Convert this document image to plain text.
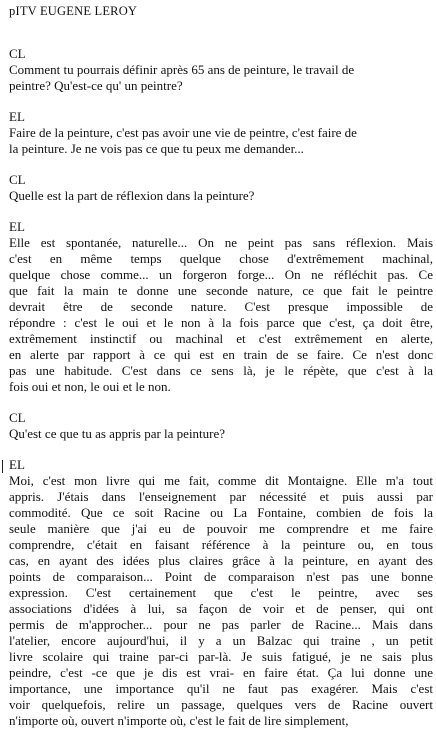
pITV EUGENE LEROY
CL
Comment tu pourrais définir après 65 ans de peinture, le travail de
peintre? Qu'est-ce qu' un peintre?
EL
Faire de la peinture, c'est pas avoir une vie de peintre, c'est faire de
la peinture. Je ne vois pas ce que tu peux me demander...
CL
Quelle est la part de réflexion dans la peinture?
EL
Elle est spontanée, naturelle... On ne peint pas sans réflexion. Mais
c'est en même temps quelque chose d'extrêmement machinal,
quelque chose comme... un forgeron forge... On ne réfléchit pas. Ce
que fait la main te donne une seconde nature, ce que fait le peintre
devrait être de seconde nature. C'est presque impossible de
répondre : c'est le oui et le non à la fois parce que c'est, ça doit être,
extrêmement instinctif ou machinal et c'est extrêmement en alerte,
en alerte par rapport à ce qui est en train de se faire. Ce n'est donc
pas une habitude. C'est dans ce sens là, je le répète, que c'est à la
fois oui et non, le oui et le non.
CL
Qu'est ce que tu as appris par la peinture?
EL
Moi, c'est mon livre qui me fait, comme dit Montaigne. Elle m'a tout
appris. J'étais dans l'enseignement par nécessité et puis aussi par
commodité. Que ce soit Racine ou La Fontaine, combien de fois la
seule manière que j'ai eu de pouvoir me comprendre et me faire
comprendre, c'était en faisant référence à la peinture ou, en tous
cas, en ayant des idées plus claires grâce à la peinture, en ayant des
points de comparaison... Point de comparaison n'est pas une bonne
expression. C'est certainement que c'est le peintre, avec ses
associations d'idées à lui, sa façon de voir et de penser, qui ont
permis de m'approcher... pour ne pas parler de Racine... Mais dans
l'atelier, encore aujourd'hui, il y a un Balzac qui traine , un petit
livre scolaire qui traine par-ci par-là. Je suis fatigué, je ne sais plus
peindre, c'est -ce que je dis est vrai- en faire état. Ça lui donne une
importance, une importance qu'il ne faut pas exagérer. Mais c'est
voir quelquefois, relire un passage, quelques vers de Racine ouvert
n'importe où, ouvert n'importe où, c'est le fait de lire simplement,
